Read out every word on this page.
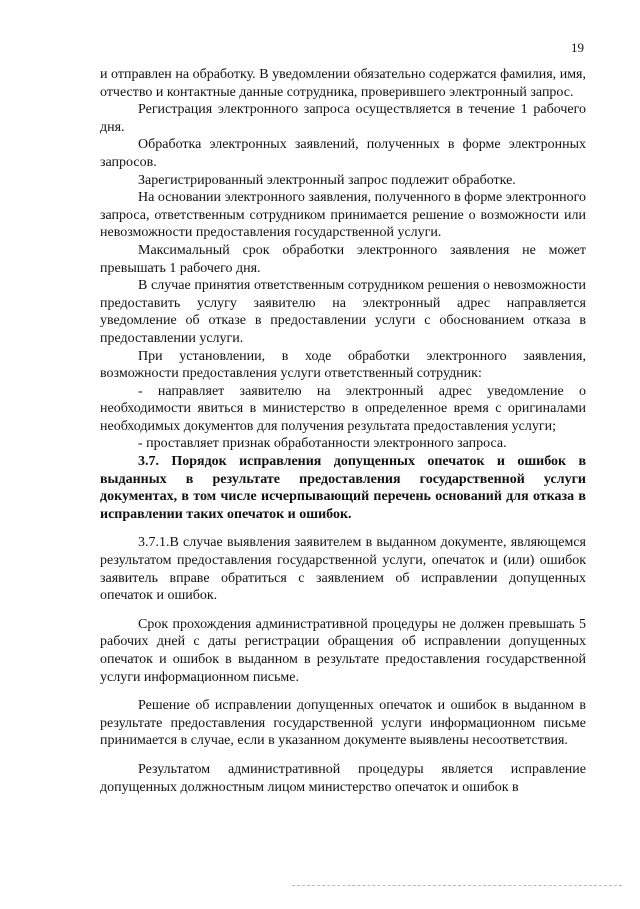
19

и отправлен на обработку. В уведомлении обязательно содержатся фамилия, имя, отчество и контактные данные сотрудника, проверившего электронный запрос.

Регистрация электронного запроса осуществляется в течение 1 рабочего дня.

Обработка электронных заявлений, полученных в форме электронных запросов.

Зарегистрированный электронный запрос подлежит обработке.

На основании электронного заявления, полученного в форме электронного запроса, ответственным сотрудником принимается решение о возможности или невозможности предоставления государственной услуги.

Максимальный срок обработки электронного заявления не может превышать 1 рабочего дня.

В случае принятия ответственным сотрудником решения о невозможности предоставить услугу заявителю на электронный адрес направляется уведомление об отказе в предоставлении услуги с обоснованием отказа в предоставлении услуги.

При установлении, в ходе обработки электронного заявления, возможности предоставления услуги ответственный сотрудник:

- направляет заявителю на электронный адрес уведомление о необходимости явиться в министерство в определенное время с оригиналами необходимых документов для получения результата предоставления услуги;

- проставляет признак обработанности электронного запроса.

3.7. Порядок исправления допущенных опечаток и ошибок в выданных в результате предоставления государственной услуги документах, в том числе исчерпывающий перечень оснований для отказа в исправлении таких опечаток и ошибок.

3.7.1.В случае выявления заявителем в выданном документе, являющемся результатом предоставления государственной услуги, опечаток и (или) ошибок заявитель вправе обратиться с заявлением об исправлении допущенных опечаток и ошибок.

Срок прохождения административной процедуры не должен превышать 5 рабочих дней с даты регистрации обращения об исправлении допущенных опечаток и ошибок в выданном в результате предоставления государственной услуги информационном письме.

Решение об исправлении допущенных опечаток и ошибок в выданном в результате предоставления государственной услуги информационном письме принимается в случае, если в указанном документе выявлены несоответствия.

Результатом административной процедуры является исправление допущенных должностным лицом министерство опечаток и ошибок в
